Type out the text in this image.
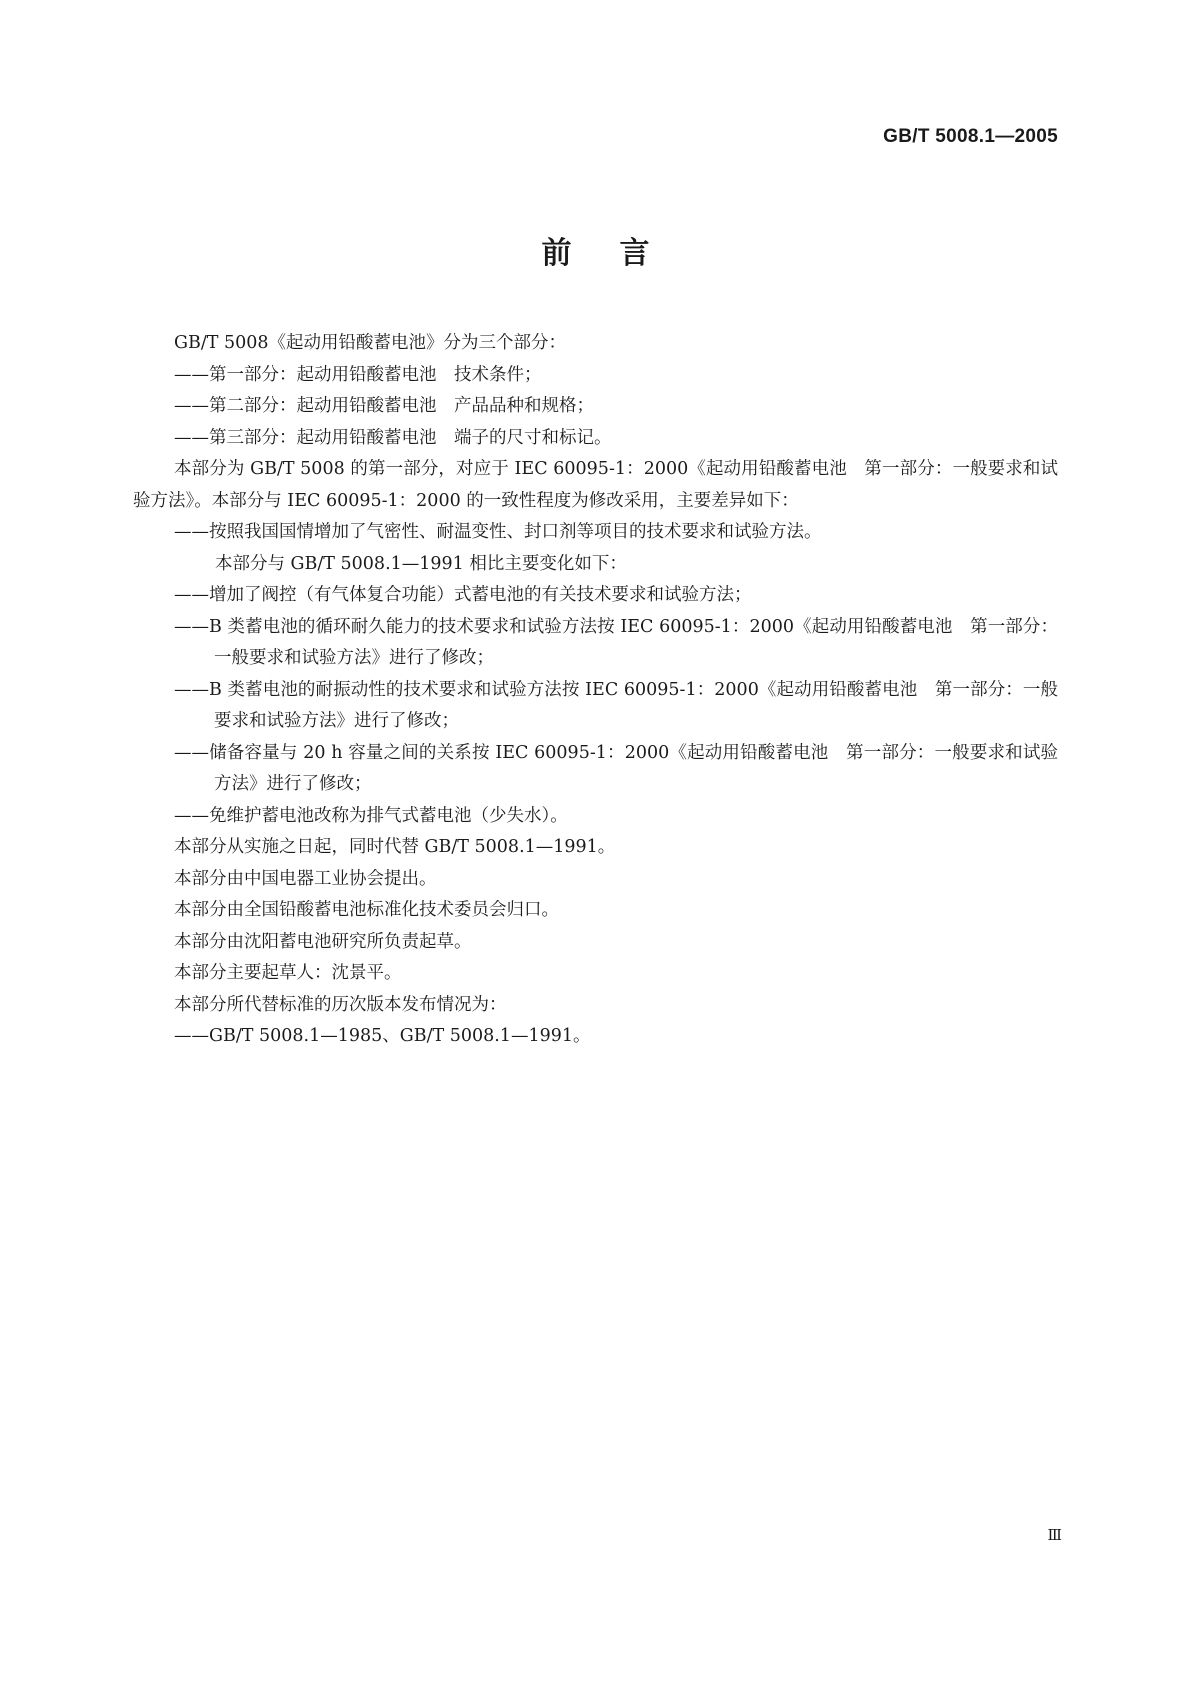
GB/T 5008.1—2005
前言

GB/T 5008《起动用铅酸蓄电池》分为三个部分：

——第一部分：起动用铅酸蓄电池　技术条件；

——第二部分：起动用铅酸蓄电池　产品品种和规格；

——第三部分：起动用铅酸蓄电池　端子的尺寸和标记。

本部分为 GB/T 5008 的第一部分，对应于 IEC 60095-1：2000《起动用铅酸蓄电池　第一部分：一般要求和试验方法》。本部分与 IEC 60095-1：2000 的一致性程度为修改采用，主要差异如下：

——按照我国国情增加了气密性、耐温变性、封口剂等项目的技术要求和试验方法。

本部分与 GB/T 5008.1—1991 相比主要变化如下：

——增加了阀控（有气体复合功能）式蓄电池的有关技术要求和试验方法；

——B 类蓄电池的循环耐久能力的技术要求和试验方法按 IEC 60095-1：2000《起动用铅酸蓄电池　第一部分：一般要求和试验方法》进行了修改；

——B 类蓄电池的耐振动性的技术要求和试验方法按 IEC 60095-1：2000《起动用铅酸蓄电池　第一部分：一般要求和试验方法》进行了修改；

——储备容量与 20 h 容量之间的关系按 IEC 60095-1：2000《起动用铅酸蓄电池　第一部分：一般要求和试验方法》进行了修改；

——免维护蓄电池改称为排气式蓄电池（少失水）。

本部分从实施之日起，同时代替 GB/T 5008.1—1991。

本部分由中国电器工业协会提出。

本部分由全国铅酸蓄电池标准化技术委员会归口。

本部分由沈阳蓄电池研究所负责起草。

本部分主要起草人：沈景平。

本部分所代替标准的历次版本发布情况为：

——GB/T 5008.1—1985、GB/T 5008.1—1991。

Ⅲ
